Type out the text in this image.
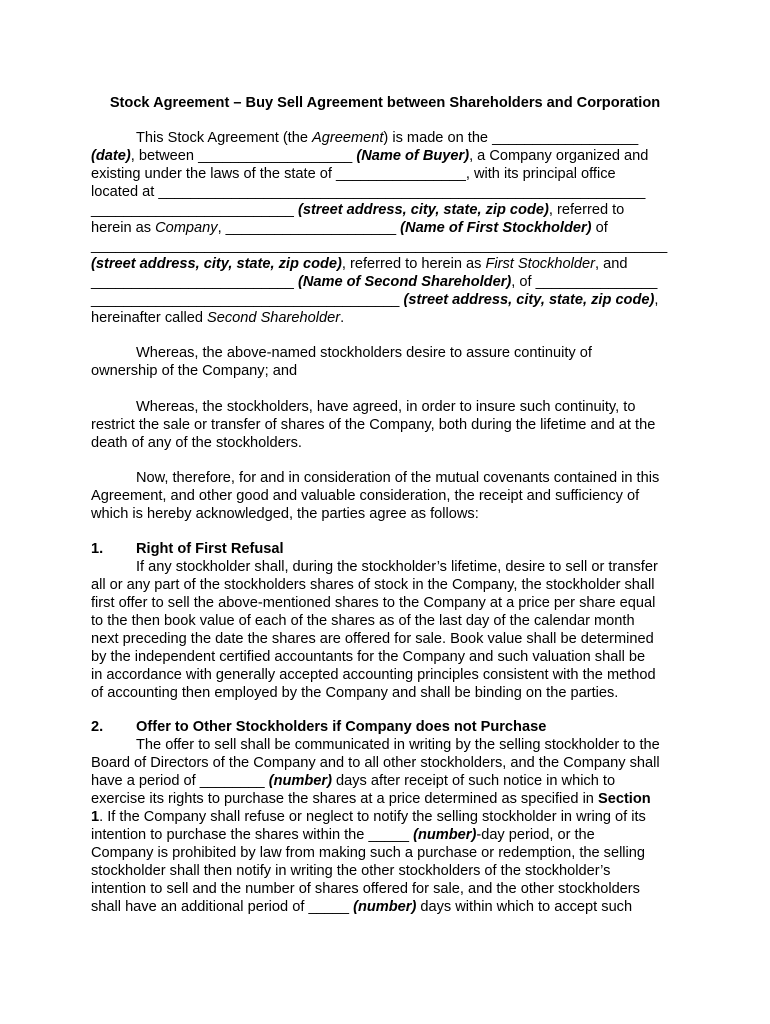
Stock Agreement – Buy Sell Agreement between Shareholders and Corporation
This Stock Agreement (the Agreement) is made on the __________________
(date), between ___________________ (Name of Buyer), a Company organized and
existing under the laws of the state of ________________, with its principal office
located at ____________________________________________________________
_________________________ (street address, city, state, zip code), referred to
herein as Company, _____________________ (Name of First Stockholder) of
_______________________________________________________________________
(street address, city, state, zip code), referred to herein as First Stockholder, and
_________________________ (Name of Second Shareholder), of _______________
______________________________________ (street address, city, state, zip code),
hereinafter called Second Shareholder.
Whereas, the above-named stockholders desire to assure continuity of
ownership of the Company; and
Whereas, the stockholders, have agreed, in order to insure such continuity, to
restrict the sale or transfer of shares of the Company, both during the lifetime and at the
death of any of the stockholders.
Now, therefore, for and in consideration of the mutual covenants contained in this
Agreement, and other good and valuable consideration, the receipt and sufficiency of
which is hereby acknowledged, the parties agree as follows:
1. Right of First Refusal
If any stockholder shall, during the stockholder’s lifetime, desire to sell or transfer
all or any part of the stockholders shares of stock in the Company, the stockholder shall
first offer to sell the above-mentioned shares to the Company at a price per share equal
to the then book value of each of the shares as of the last day of the calendar month
next preceding the date the shares are offered for sale. Book value shall be determined
by the independent certified accountants for the Company and such valuation shall be
in accordance with generally accepted accounting principles consistent with the method
of accounting then employed by the Company and shall be binding on the parties.
2. Offer to Other Stockholders if Company does not Purchase
The offer to sell shall be communicated in writing by the selling stockholder to the
Board of Directors of the Company and to all other stockholders, and the Company shall
have a period of ________ (number) days after receipt of such notice in which to
exercise its rights to purchase the shares at a price determined as specified in Section
1. If the Company shall refuse or neglect to notify the selling stockholder in wring of its
intention to purchase the shares within the _____ (number)-day period, or the
Company is prohibited by law from making such a purchase or redemption, the selling
stockholder shall then notify in writing the other stockholders of the stockholder’s
intention to sell and the number of shares offered for sale, and the other stockholders
shall have an additional period of _____ (number) days within which to accept such
